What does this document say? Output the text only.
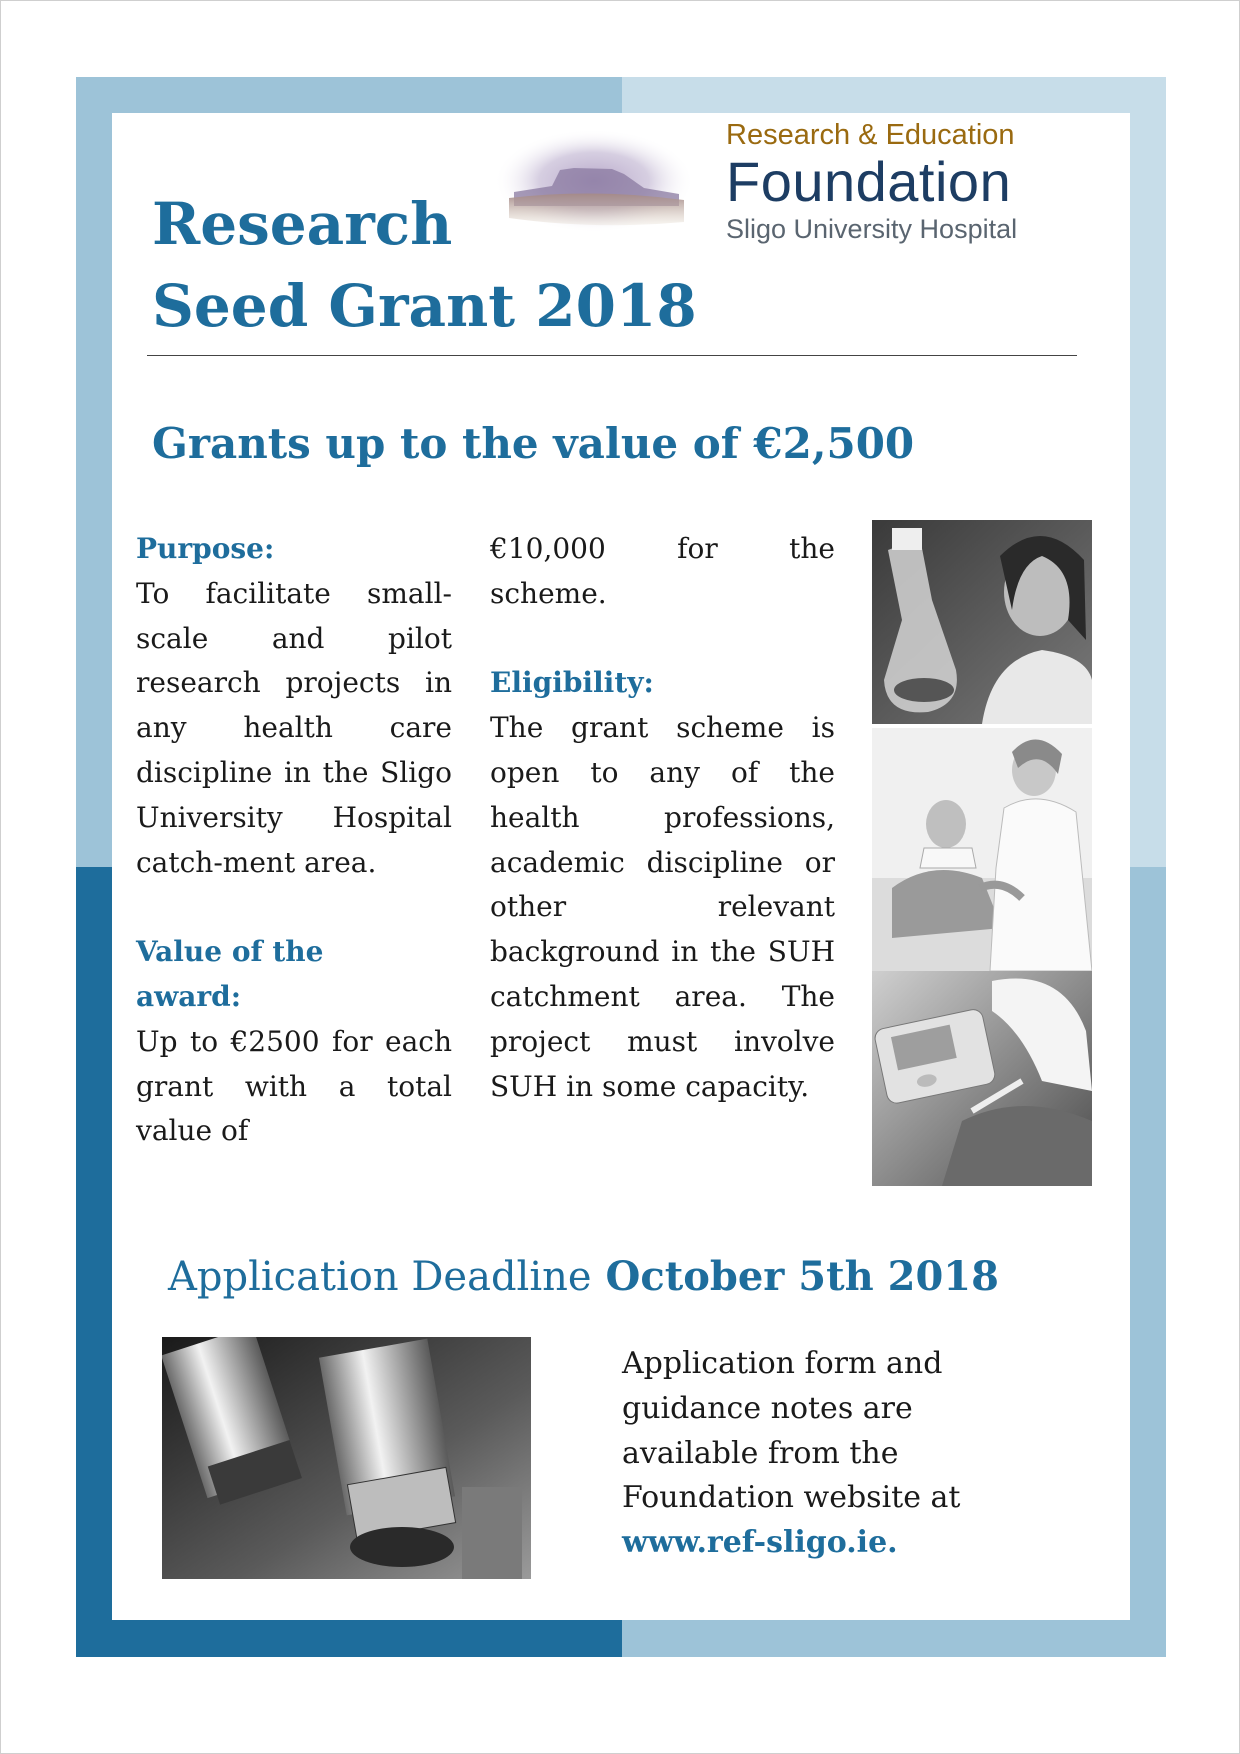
Research
Seed Grant 2018
Research & Education
Foundation
Sligo University Hospital
Grants up to the value of €2,500
Purpose:

To facilitate small-scale and pilot research projects in any health care discipline in the Sligo University Hospital catch-ment area.

Value of the
award:

Up to €2500 for each grant with a total value of

€10,000 for the scheme.

Eligibility:

The grant scheme is open to any of the health professions, academic discipline or other relevant background in the SUH catchment area. The project must involve SUH in some capacity.

Application Deadline October 5th 2018
Application form and
guidance notes are
available from the
Foundation website at
www.ref-sligo.ie.
